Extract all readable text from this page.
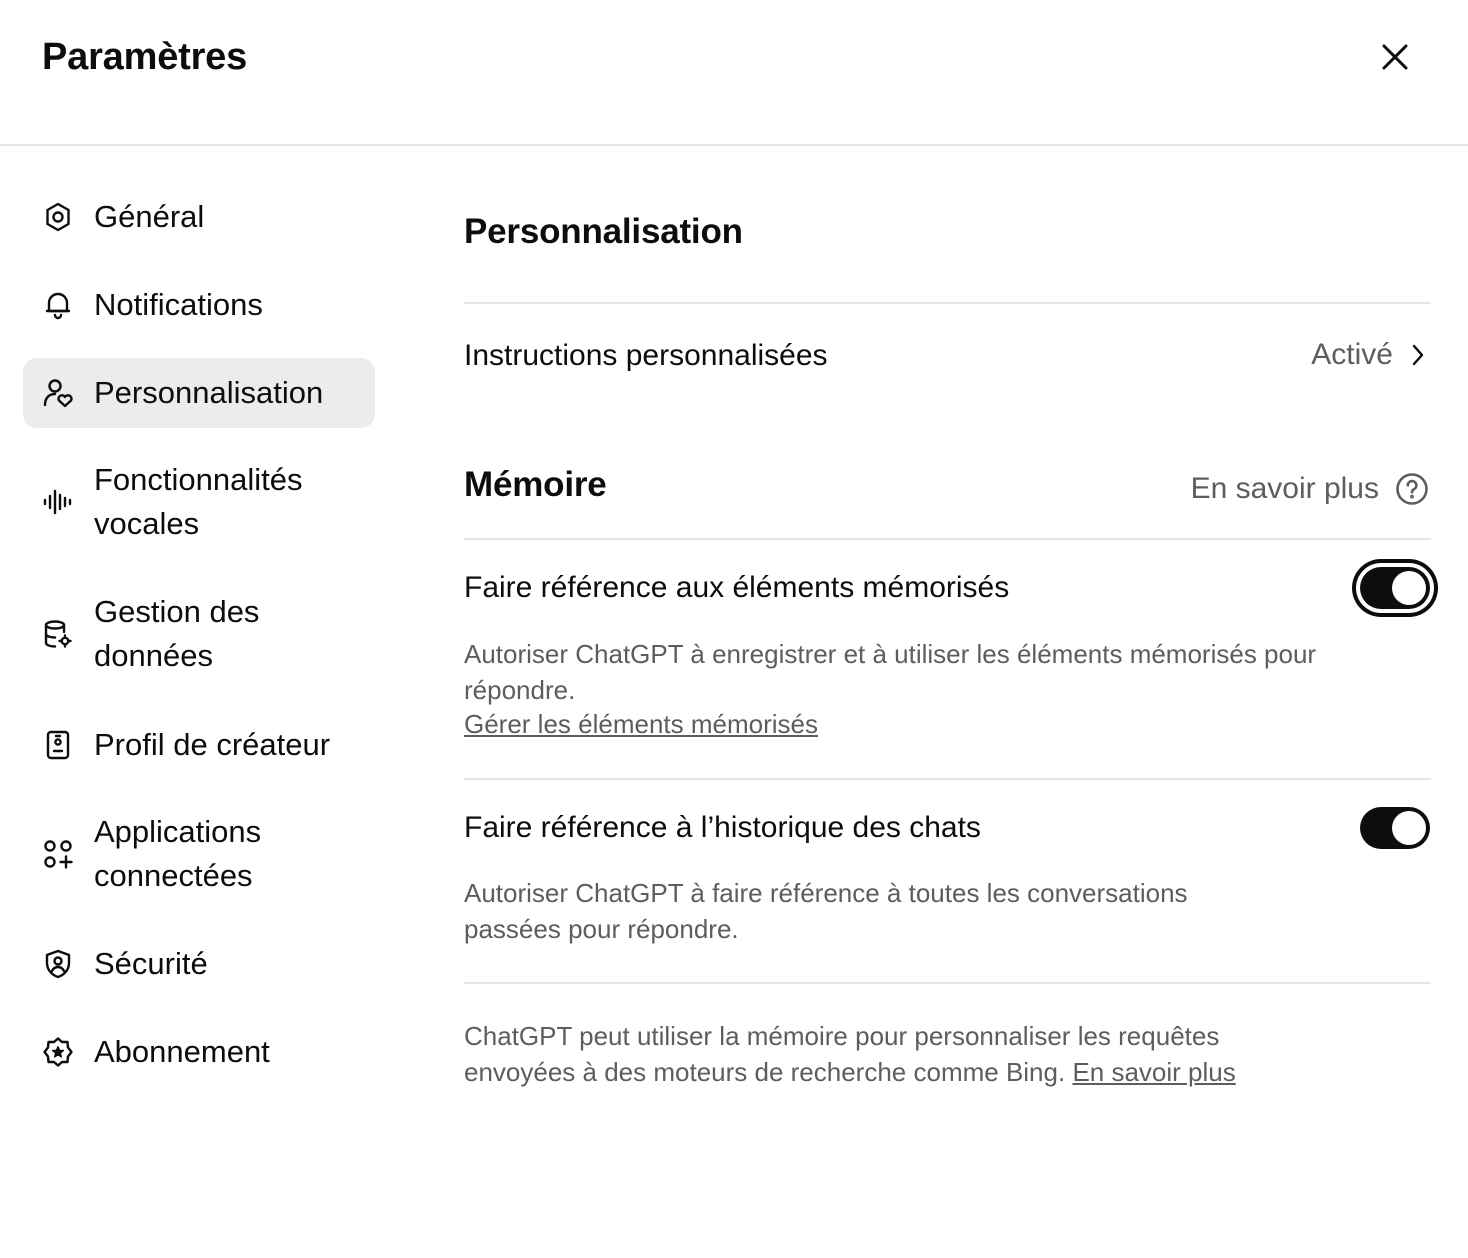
Paramètres
Général
Notifications
Personnalisation
Fonctionnalités
vocales
Gestion des
données
Profil de créateur
Applications
connectées
Sécurité
Abonnement
Personnalisation
Instructions personnalisées	Activé
Mémoire	En savoir plus
Faire référence aux éléments mémorisés
Autoriser ChatGPT à enregistrer et à utiliser les éléments mémorisés pour répondre.
Gérer les éléments mémorisés
Faire référence à l’historique des chats
Autoriser ChatGPT à faire référence à toutes les conversations passées pour répondre.
ChatGPT peut utiliser la mémoire pour personnaliser les requêtes envoyées à des moteurs de recherche comme Bing. En savoir plus
